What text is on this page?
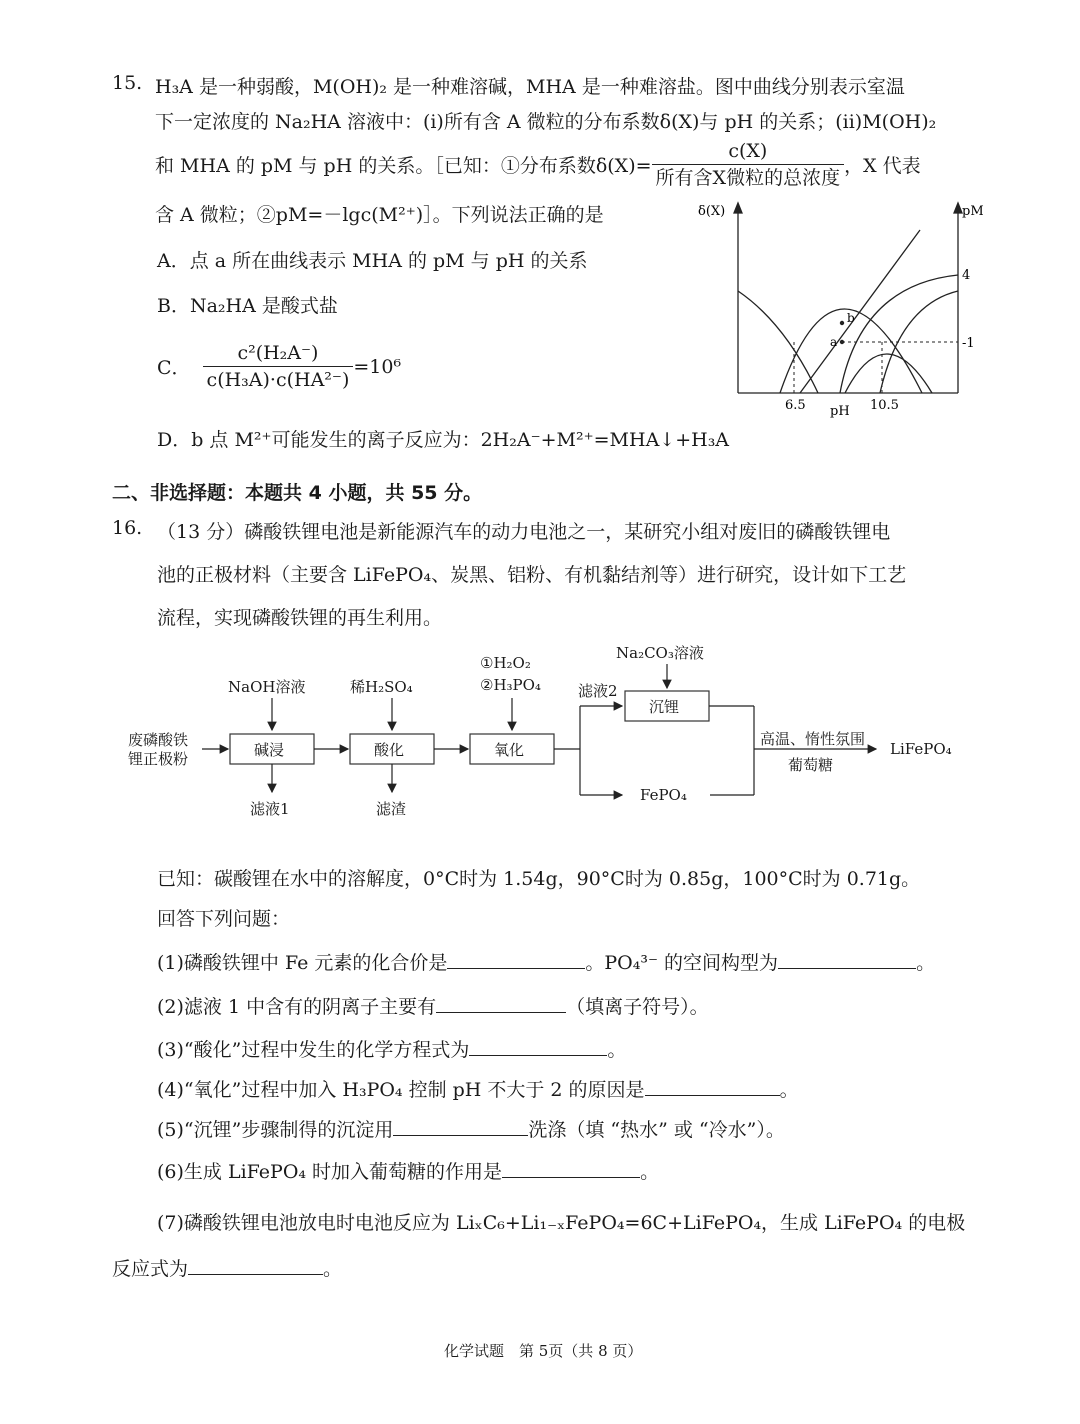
15. H₃A 是一种弱酸，M(OH)₂ 是一种难溶碱，MHA 是一种难溶盐。图中曲线分别表示室温
下一定浓度的 Na₂HA 溶液中：(i)所有含 A 微粒的分布系数δ(X)与 pH 的关系；(ii)M(OH)₂
和 MHA 的 pM 与 pH 的关系。［已知：①分布系数$\delta(X)= \frac{c(X)}{\text{所有含X微粒的总浓度}}$ ，X 代表
含 A 微粒；②pM=－lgc(M²⁺)］。下列说法正确的是
A．点 a 所在曲线表示 MHA 的 pM 与 pH 的关系
B．Na₂HA 是酸式盐
C． $\frac{\text{c²(H₂A⁻)}}{\text{c(H₃A)·c(HA²⁻)}} =10^6$
D．b 点 M²⁺可能发生的离子反应为：2H₂A⁻+M²⁺=MHA↓+H₃A
δ(X)	pM
4
-1
6.5	10.5
pH
a
b
二、非选择题：本题共 4 小题，共 55 分。
16. （13 分）磷酸铁锂电池是新能源汽车的动力电池之一，某研究小组对废旧的磷酸铁锂电
池的正极材料（主要含 LiFePO₄、炭黑、铝粉、有机黏结剂等）进行研究，设计如下工艺
流程，实现磷酸铁锂的再生利用。
废磷酸铁
锂正极粉	碱浸	酸化	氧化
沉锂
NaOH溶液	稀H₂SO₄
①H₂O₂
②H₃PO₄
Na₂CO₃溶液
滤液1	滤渣
滤液2
FePO₄
高温、惰性氛围
葡萄糖
LiFePO₄
已知：碳酸锂在水中的溶解度，0°C时为 1.54g，90°C时为 0.85g，100°C时为 0.71g。
回答下列问题：
(1)磷酸铁锂中 Fe 元素的化合价是	。PO₄³⁻ 的空间构型为	。
(2)滤液 1 中含有的阴离子主要有	（填离子符号）。
(3)“酸化”过程中发生的化学方程式为	。
(4)“氧化”过程中加入 H₃PO₄ 控制 pH 不大于 2 的原因是	。
(5)“沉锂”步骤制得的沉淀用	洗涤（填 “热水” 或 “冷水”）。
(6)生成 LiFePO₄ 时加入葡萄糖的作用是	。
(7)磷酸铁锂电池放电时电池反应为 LiₓC₆+Li₁₋ₓFePO₄=6C+LiFePO₄，生成 LiFePO₄ 的电极
反应式为	。
化学试题　第 5页（共 8 页）
